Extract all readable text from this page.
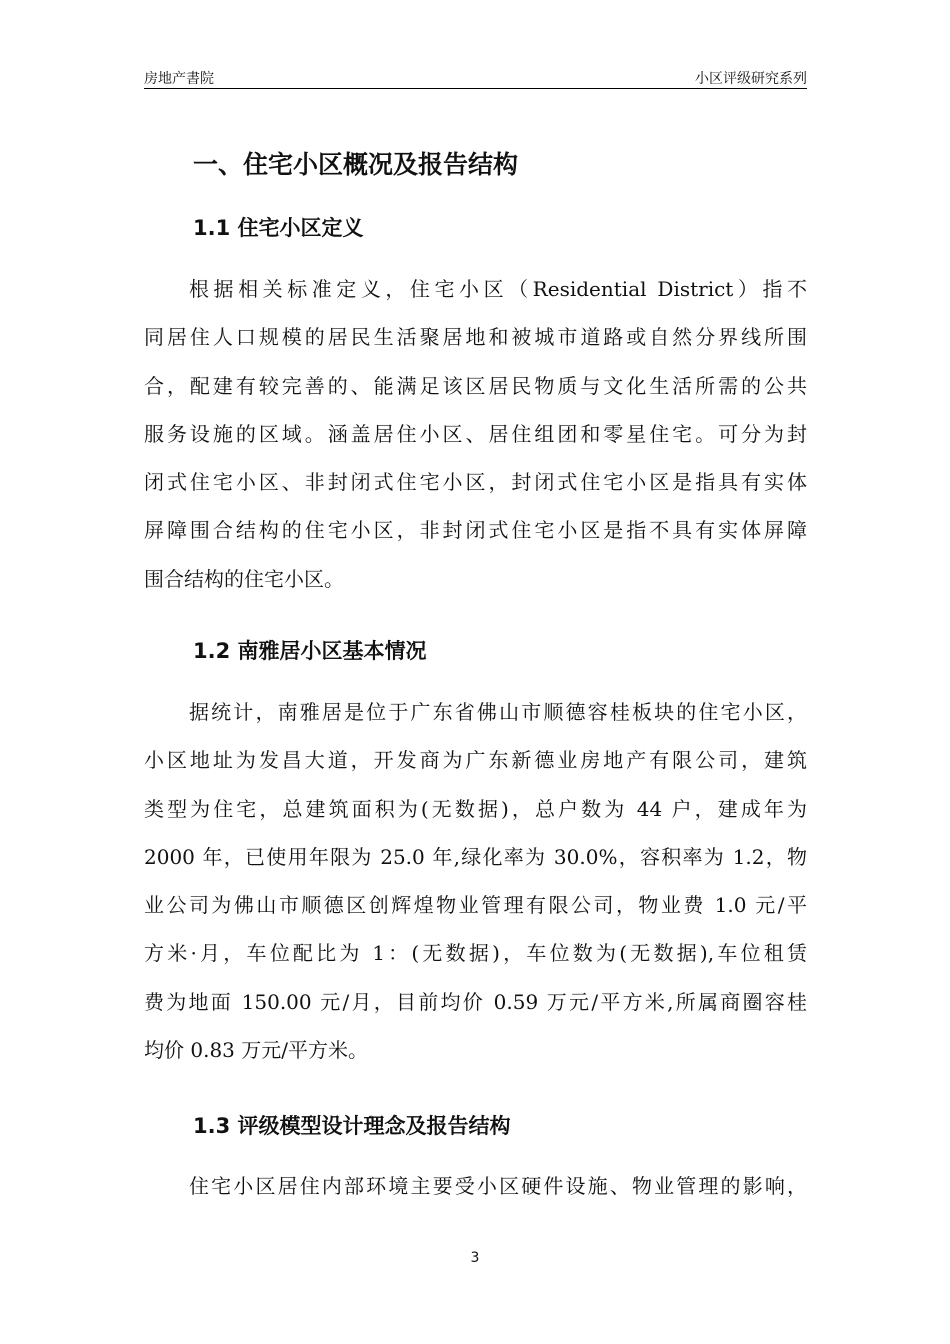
房地产書院	小区评级研究系列
一、住宅小区概况及报告结构
1.1 住宅小区定义
根据相关标准定义，住宅小区（Residential District）指不
同居住人口规模的居民生活聚居地和被城市道路或自然分界线所围
合，配建有较完善的、能满足该区居民物质与文化生活所需的公共
服务设施的区域。涵盖居住小区、居住组团和零星住宅。可分为封
闭式住宅小区、非封闭式住宅小区，封闭式住宅小区是指具有实体
屏障围合结构的住宅小区，非封闭式住宅小区是指不具有实体屏障
围合结构的住宅小区。
1.2 南雅居小区基本情况
据统计，南雅居是位于广东省佛山市顺德容桂板块的住宅小区，
小区地址为发昌大道，开发商为广东新德业房地产有限公司，建筑
类型为住宅，总建筑面积为(无数据)，总户数为 44 户，建成年为
2000 年，已使用年限为 25.0 年,绿化率为 30.0%，容积率为 1.2，物
业公司为佛山市顺德区创辉煌物业管理有限公司，物业费 1.0 元/平
方米·月，车位配比为 1：(无数据)，车位数为(无数据),车位租赁
费为地面 150.00 元/月，目前均价 0.59 万元/平方米,所属商圈容桂
均价 0.83 万元/平方米。
1.3 评级模型设计理念及报告结构
住宅小区居住内部环境主要受小区硬件设施、物业管理的影响，
3
